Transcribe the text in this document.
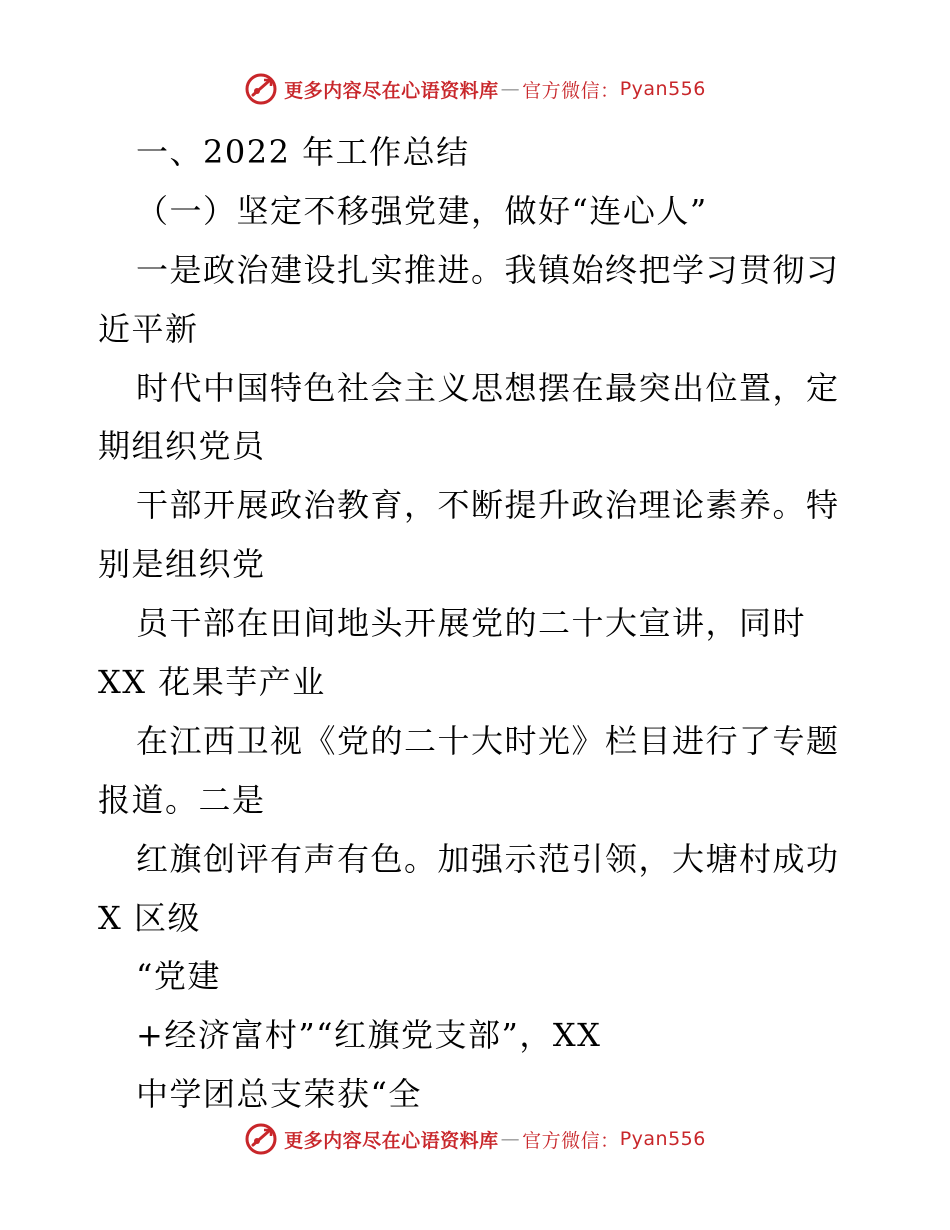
更多内容尽在心语资料库 — 官方微信： Pyan556
一、2022 年工作总结
（一）坚定不移强党建，做好“连心人”
一是政治建设扎实推进。我镇始终把学习贯彻习
近平新
时代中国特色社会主义思想摆在最突出位置，定
期组织党员
干部开展政治教育，不断提升政治理论素养。特
别是组织党
员干部在田间地头开展党的二十大宣讲，同时
XX 花果芋产业
在江西卫视《党的二十大时光》栏目进行了专题
报道。二是
红旗创评有声有色。加强示范引领，大塘村成功
X 区级
“党建
+经济富村”“红旗党支部”，XX
中学团总支荣获“全
更多内容尽在心语资料库 — 官方微信： Pyan556
